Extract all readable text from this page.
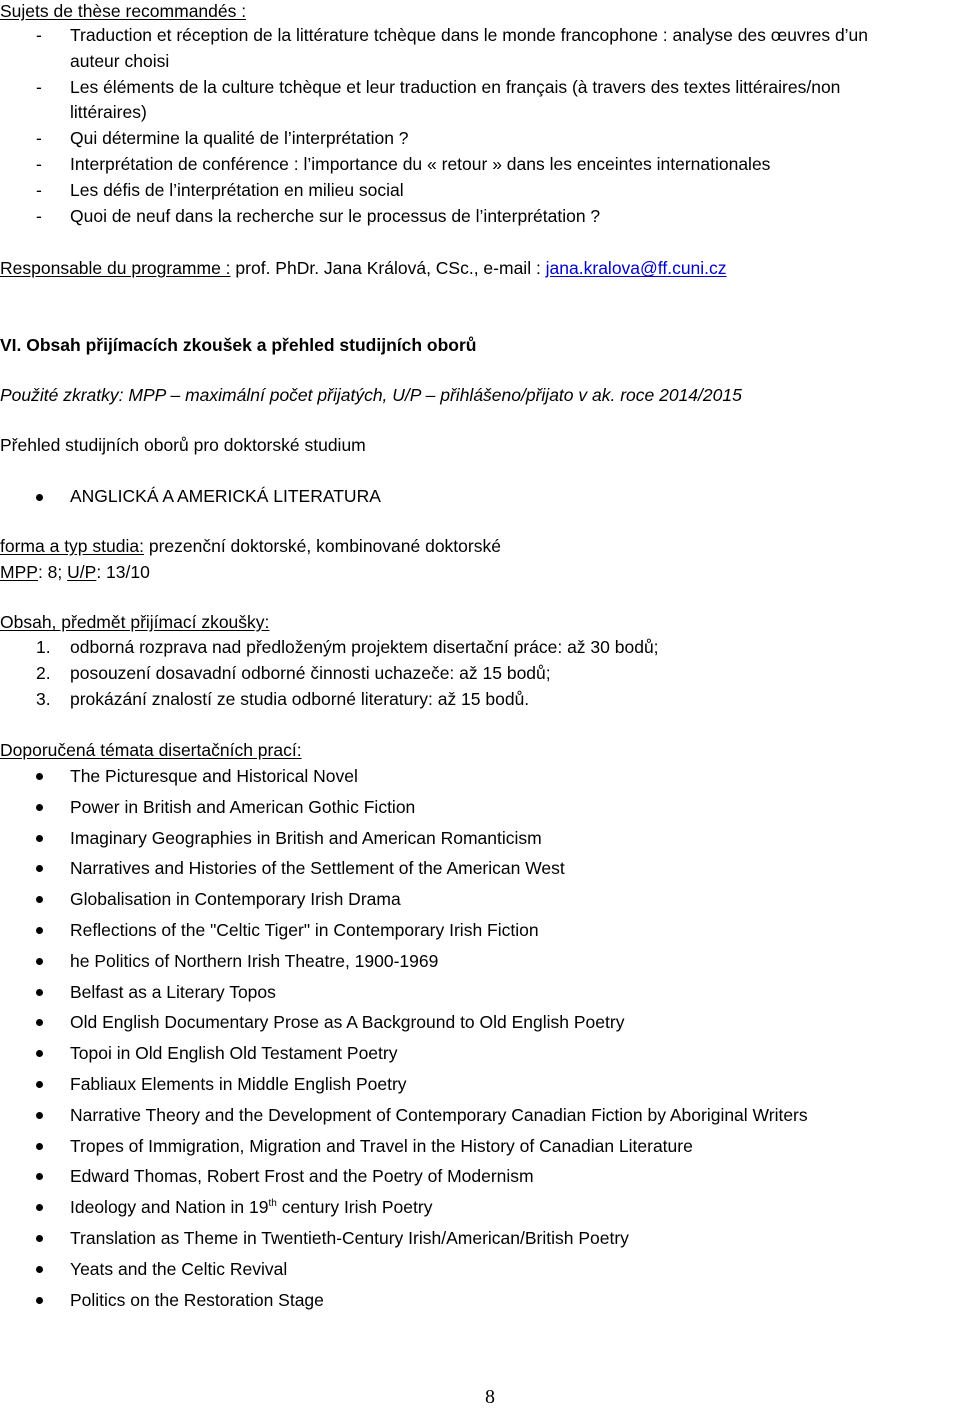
Sujets de thèse recommandés :
- Traduction et réception de la littérature tchèque dans le monde francophone : analyse des œuvres d’un
auteur choisi
- Les éléments de la culture tchèque et leur traduction en français (à travers des textes littéraires/non
littéraires)
- Qui détermine la qualité de l’interprétation ?
- Interprétation de conférence : l’importance du « retour » dans les enceintes internationales
- Les défis de l’interprétation en milieu social
- Quoi de neuf dans la recherche sur le processus de l’interprétation ?
Responsable du programme : prof. PhDr. Jana Králová, CSc., e-mail : jana.kralova@ff.cuni.cz
VI. Obsah přijímacích zkoušek a přehled studijních oborů
Použité zkratky: MPP – maximální počet přijatých, U/P – přihlášeno/přijato v ak. roce 2014/2015
Přehled studijních oborů pro doktorské studium
ANGLICKÁ A AMERICKÁ LITERATURA
forma a typ studia: prezenční doktorské, kombinované doktorské
MPP: 8; U/P: 13/10
Obsah, předmět přijímací zkoušky:
1. odborná rozprava nad předloženým projektem disertační práce: až 30 bodů;
2. posouzení dosavadní odborné činnosti uchazeče: až 15 bodů;
3. prokázání znalostí ze studia odborné literatury: až 15 bodů.
Doporučená témata disertačních prací:
The Picturesque and Historical Novel
Power in British and American Gothic Fiction
Imaginary Geographies in British and American Romanticism
Narratives and Histories of the Settlement of the American West
Globalisation in Contemporary Irish Drama
Reflections of the "Celtic Tiger" in Contemporary Irish Fiction
he Politics of Northern Irish Theatre, 1900-1969
Belfast as a Literary Topos
Old English Documentary Prose as A Background to Old English Poetry
Topoi in Old English Old Testament Poetry
Fabliaux Elements in Middle English Poetry
Narrative Theory and the Development of Contemporary Canadian Fiction by Aboriginal Writers
Tropes of Immigration, Migration and Travel in the History of Canadian Literature
Edward Thomas, Robert Frost and the Poetry of Modernism
Ideology and Nation in 19th century Irish Poetry
Translation as Theme in Twentieth-Century Irish/American/British Poetry
Yeats and the Celtic Revival
Politics on the Restoration Stage
8
